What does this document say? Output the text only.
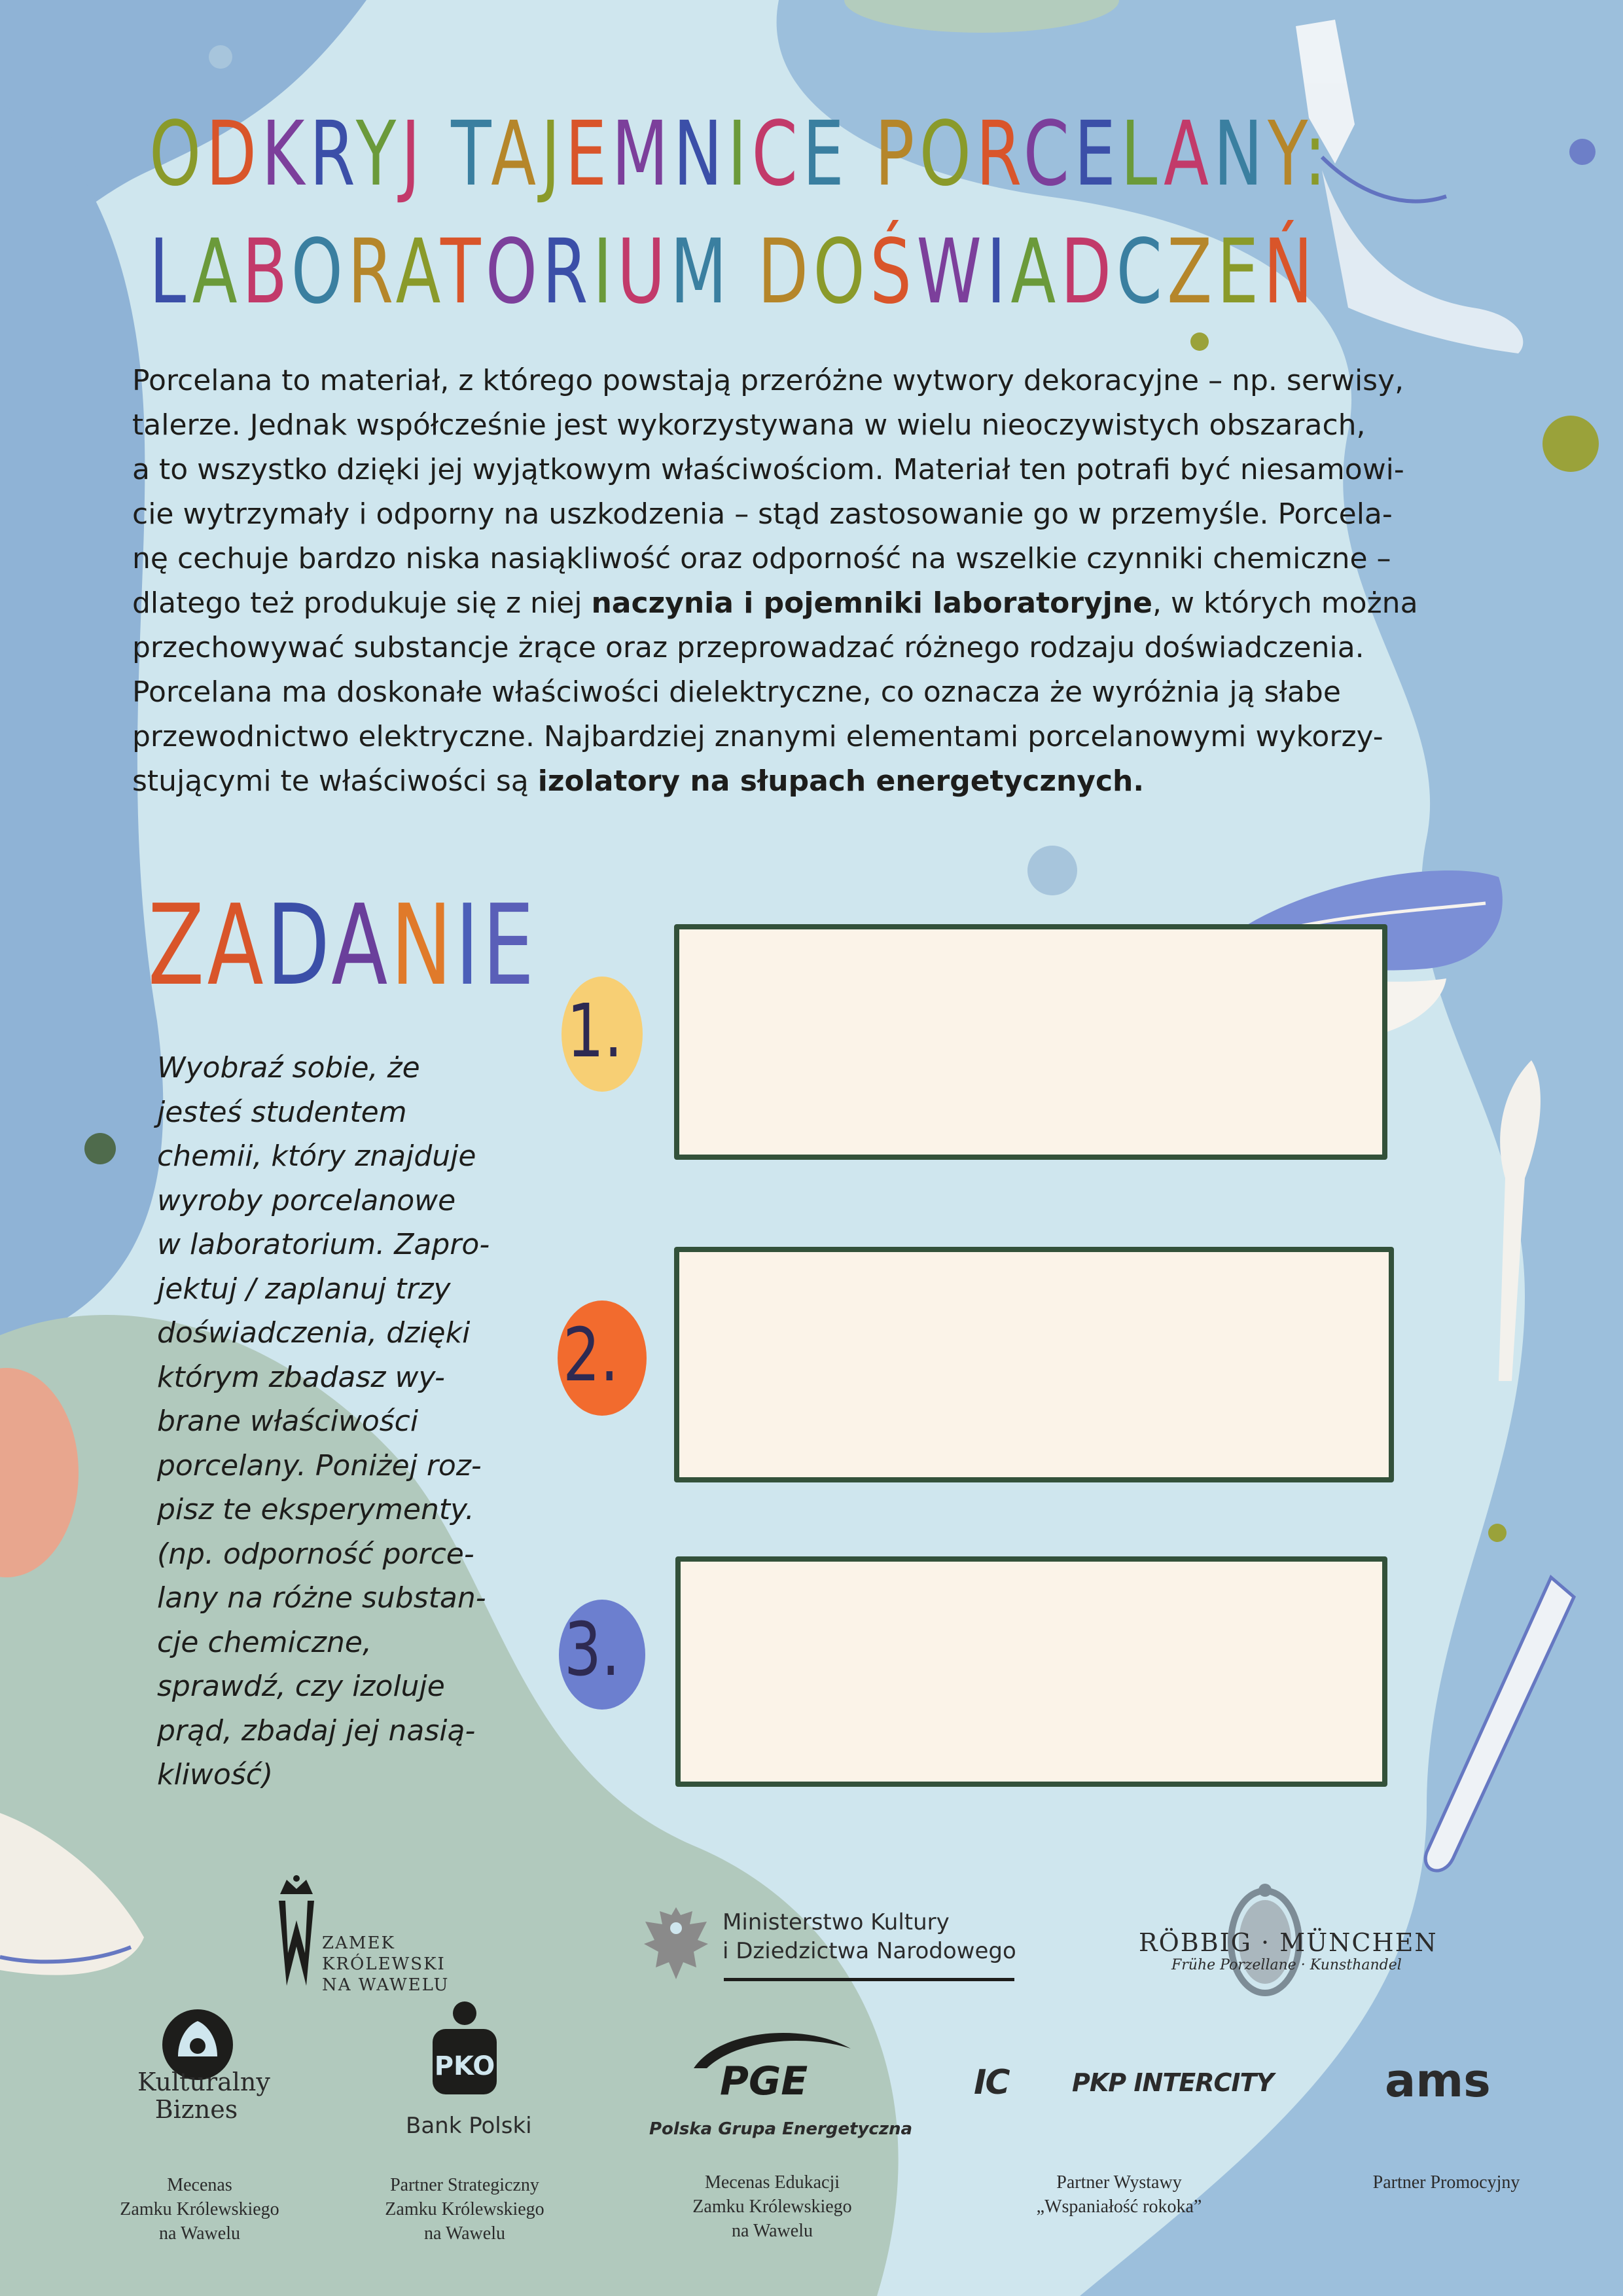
ODKRYJ TAJEMNICE PORCELANY:
LABORATORIUM DOŚWIADCZEŃ
Porcelana to materiał, z którego powstają przeróżne wytwory dekoracyjne – np. serwisy,
talerze. Jednak współcześnie jest wykorzystywana w wielu nieoczywistych obszarach,
a to wszystko dzięki jej wyjątkowym właściwościom. Materiał ten potrafi być niesamowi-
cie wytrzymały i odporny na uszkodzenia – stąd zastosowanie go w przemyśle. Porcela-
nę cechuje bardzo niska nasiąkliwość oraz odporność na wszelkie czynniki chemiczne –
dlatego też produkuje się z niej naczynia i pojemniki laboratoryjne, w których można
przechowywać substancje żrące oraz przeprowadzać różnego rodzaju doświadczenia.
Porcelana ma doskonałe właściwości dielektryczne, co oznacza że wyróżnia ją słabe
przewodnictwo elektryczne. Najbardziej znanymi elementami porcelanowymi wykorzy-
stującymi te właściwości są izolatory na słupach energetycznych.
ZADANIE
Wyobraź sobie, że
jesteś studentem
chemii, który znajduje
wyroby porcelanowe
w laboratorium. Zapro-
jektuj / zaplanuj trzy
doświadczenia, dzięki
którym zbadasz wy-
brane właściwości
porcelany. Poniżej roz-
pisz te eksperymenty.
(np. odporność porce-
lany na różne substan-
cje chemiczne,
sprawdź, czy izoluje
prąd, zbadaj jej nasią-
kliwość)
1.
2.
3.
ZAMEK
KRÓLEWSKI
NA WAWELU
Ministerstwo Kultury
i Dziedzictwa Narodowego	RÖBBIG · MÜNCHEN
Frühe Porzellane · Kunsthandel
Kulturalny
Biznes
PKO
Bank Polski
PGE
Polska Grupa Energetyczna
IC	PKP INTERCITY ams
Mecenas
Zamku Królewskiego
na Wawelu
Partner Strategiczny
Zamku Królewskiego
na Wawelu
Mecenas Edukacji
Zamku Królewskiego
na Wawelu
Partner Wystawy
„Wspaniałość rokoka”
Partner Promocyjny
